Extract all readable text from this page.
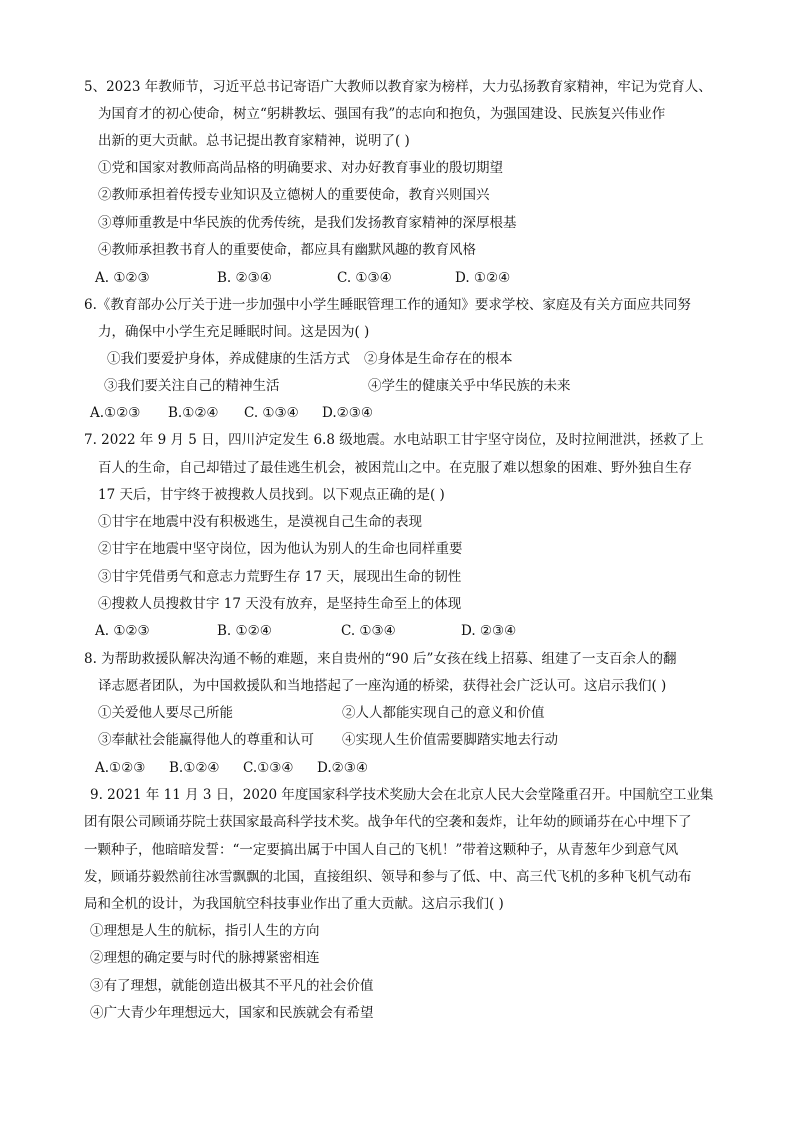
5、2023 年教师节，习近平总书记寄语广大教师以教育家为榜样，大力弘扬教育家精神，牢记为党育人、
为国育才的初心使命，树立“躬耕教坛、强国有我”的志向和抱负，为强国建设、民族复兴伟业作
出新的更大贡献。总书记提出教育家精神，说明了( )
①党和国家对教师高尚品格的明确要求、对办好教育事业的殷切期望
②教师承担着传授专业知识及立德树人的重要使命，教育兴则国兴
③尊师重教是中华民族的优秀传统，是我们发扬教育家精神的深厚根基
④教师承担教书育人的重要使命，都应具有幽默风趣的教育风格
A. ①②③	B. ②③④	C. ①③④	D. ①②④
6.《教育部办公厅关于进一步加强中小学生睡眠管理工作的通知》要求学校、家庭及有关方面应共同努
力，确保中小学生充足睡眠时间。这是因为( )
①我们要爱护身体，养成健康的生活方式 ②身体是生命存在的根本
③我们要关注自己的精神生活	④学生的健康关乎中华民族的未来
A.①②③ B.①②④ C. ①③④ D.②③④
7. 2022 年 9 月 5 日，四川泸定发生 6.8 级地震。水电站职工甘宇坚守岗位，及时拉闸泄洪，拯救了上
百人的生命，自己却错过了最佳逃生机会，被困荒山之中。在克服了难以想象的困难、野外独自生存
17 天后，甘宇终于被搜救人员找到。以下观点正确的是( )
①甘宇在地震中没有积极逃生，是漠视自己生命的表现
②甘宇在地震中坚守岗位，因为他认为别人的生命也同样重要
③甘宇凭借勇气和意志力荒野生存 17 天，展现出生命的韧性
④搜救人员搜救甘宇 17 天没有放弃，是坚持生命至上的体现
A. ①②③	B. ①②④	C. ①③④	D. ②③④
8. 为帮助救援队解决沟通不畅的难题，来自贵州的“90 后”女孩在线上招募、组建了一支百余人的翻
译志愿者团队，为中国救援队和当地搭起了一座沟通的桥梁，获得社会广泛认可。这启示我们( )
①关爱他人要尽己所能	②人人都能实现自己的意义和价值
③奉献社会能赢得他人的尊重和认可 ④实现人生价值需要脚踏实地去行动
A.①②③ B.①②④ C.①③④ D.②③④
9. 2021 年 11 月 3 日，2020 年度国家科学技术奖励大会在北京人民大会堂隆重召开。中国航空工业集
团有限公司顾诵芬院士获国家最高科学技术奖。战争年代的空袭和轰炸，让年幼的顾诵芬在心中埋下了
一颗种子，他暗暗发誓：“一定要搞出属于中国人自己的飞机！”带着这颗种子，从青葱年少到意气风
发，顾诵芬毅然前往冰雪飘飘的北国，直接组织、领导和参与了低、中、高三代飞机的多种飞机气动布
局和全机的设计，为我国航空科技事业作出了重大贡献。这启示我们( )
①理想是人生的航标，指引人生的方向
②理想的确定要与时代的脉搏紧密相连
③有了理想，就能创造出极其不平凡的社会价值
④广大青少年理想远大，国家和民族就会有希望
